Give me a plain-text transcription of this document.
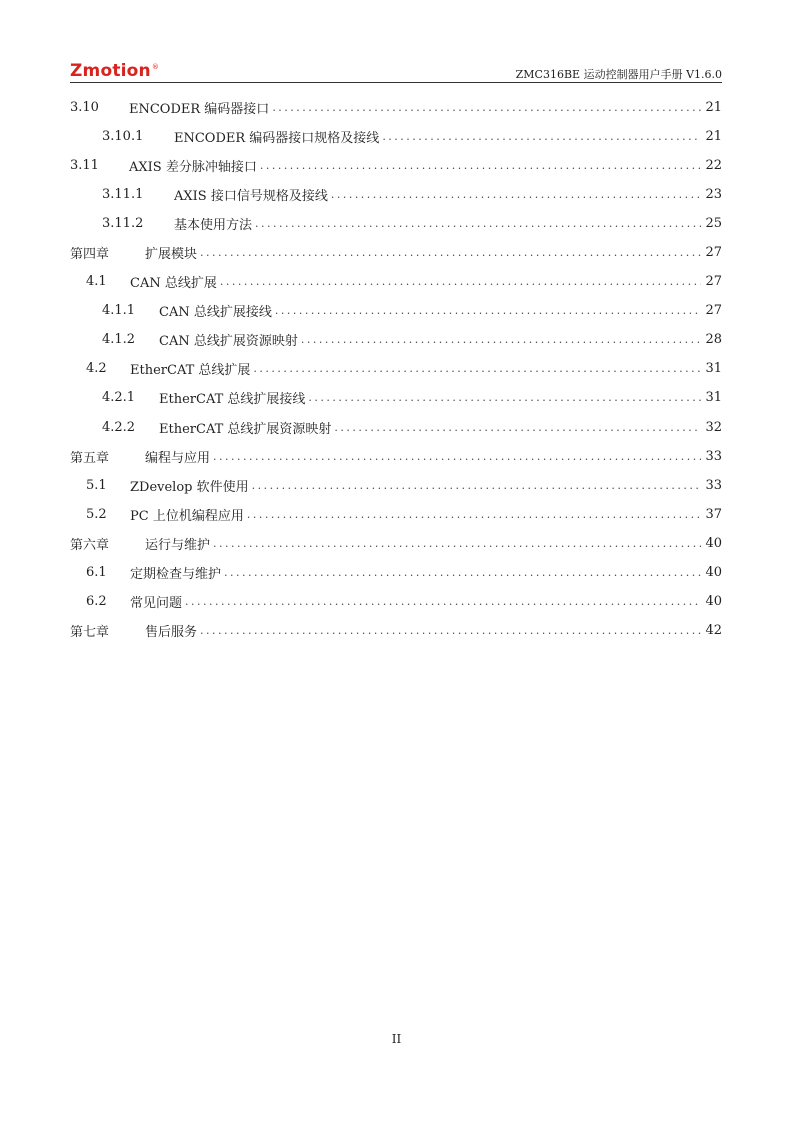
Zmotion®
ZMC316BE 运动控制器用户手册 V1.6.0
3.10	ENCODER 编码器接口 .....	21
3.10.1	ENCODER 编码器接口规格及接线 .....	21
3.11	AXIS 差分脉冲轴接口 .....	22
3.11.1	AXIS 接口信号规格及接线 .....	23
3.11.2	基本使用方法 .....	25
第四章	扩展模块 .....	27
4.1	CAN 总线扩展 .....	27
4.1.1	CAN 总线扩展接线 .....	27
4.1.2	CAN 总线扩展资源映射 .....	28
4.2	EtherCAT 总线扩展 .....	31
4.2.1	EtherCAT 总线扩展接线 .....	31
4.2.2	EtherCAT 总线扩展资源映射 .....	32
第五章	编程与应用 .....	33
5.1	ZDevelop 软件使用 .....	33
5.2	PC 上位机编程应用 .....	37
第六章	运行与维护 .....	40
6.1	定期检查与维护 .....	40
6.2	常见问题 .....	40
第七章	售后服务 .....	42
II
